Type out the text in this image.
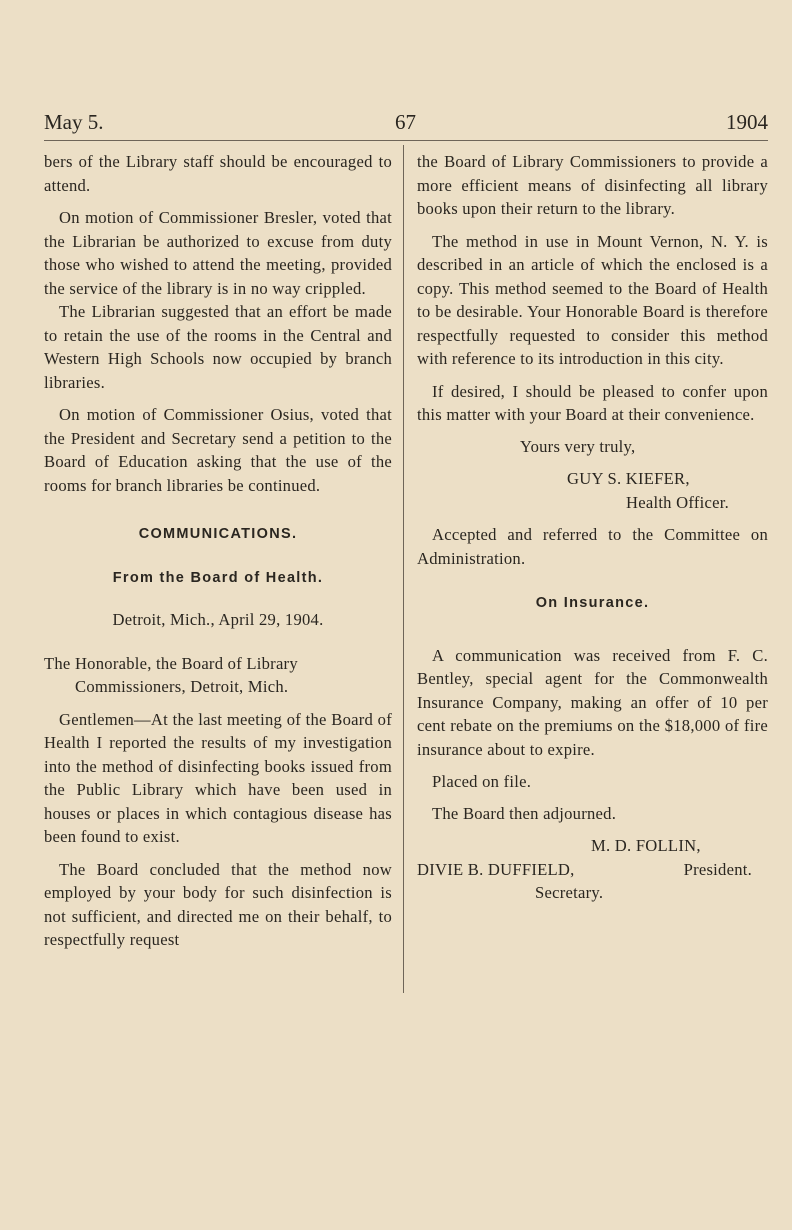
May 5.	67	1904

bers of the Library staff should be encouraged to attend.

On motion of Commissioner Bresler, voted that the Librarian be authorized to excuse from duty those who wished to attend the meeting, provided the service of the library is in no way crippled.

The Librarian suggested that an effort be made to retain the use of the rooms in the Central and Western High Schools now occupied by branch libraries.

On motion of Commissioner Osius, voted that the President and Secretary send a petition to the Board of Education asking that the use of the rooms for branch libraries be continued.

COMMUNICATIONS.

From the Board of Health.

Detroit, Mich., April 29, 1904.

The Honorable, the Board of Library Commissioners, Detroit, Mich.

Gentlemen—At the last meeting of the Board of Health I reported the results of my investigation into the method of disinfecting books issued from the Public Library which have been used in houses or places in which contagious disease has been found to exist.

The Board concluded that the method now employed by your body for such disinfection is not sufficient, and directed me on their behalf, to respectfully request

the Board of Library Commissioners to provide a more efficient means of disinfecting all library books upon their return to the library.

The method in use in Mount Vernon, N. Y. is described in an article of which the enclosed is a copy. This method seemed to the Board of Health to be desirable. Your Honorable Board is therefore respectfully requested to consider this method with reference to its introduction in this city.

If desired, I should be pleased to confer upon this matter with your Board at their convenience.

Yours very truly,

GUY S. KIEFER,

Health Officer.

Accepted and referred to the Committee on Administration.

On Insurance.

A communication was received from F. C. Bentley, special agent for the Commonwealth Insurance Company, making an offer of 10 per cent rebate on the premiums on the $18,000 of fire insurance about to expire.

Placed on file.

The Board then adjourned.

M. D. FOLLIN,

DIVIE B. DUFFIELD,	President.

Secretary.
